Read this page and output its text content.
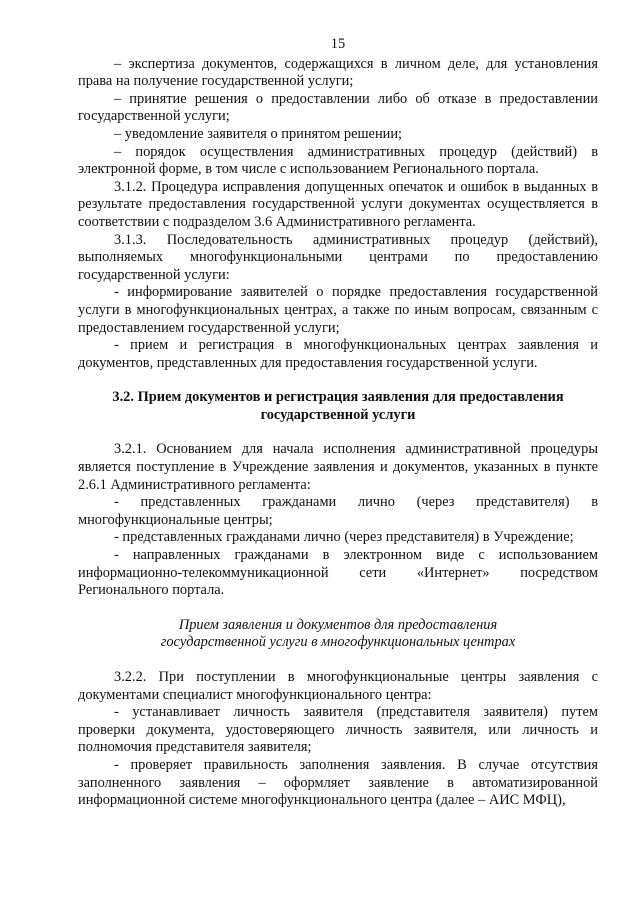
15

– экспертиза документов, содержащихся в личном деле, для установления права на получение государственной услуги;

– принятие решения о предоставлении либо об отказе в предоставлении государственной услуги;

– уведомление заявителя о принятом решении;

– порядок осуществления административных процедур (действий) в электронной форме, в том числе с использованием Регионального портала.

3.1.2. Процедура исправления допущенных опечаток и ошибок в выданных в результате предоставления государственной услуги документах осуществляется в соответствии с подразделом 3.6 Административного регламента.

3.1.3. Последовательность административных процедур (действий), выполняемых многофункциональными центрами по предоставлению государственной услуги:

- информирование заявителей о порядке предоставления государственной услуги в многофункциональных центрах, а также по иным вопросам, связанным с предоставлением государственной услуги;

- прием и регистрация в многофункциональных центрах заявления и документов, представленных для предоставления государственной услуги.

3.2. Прием документов и регистрация заявления для предоставления

государственной услуги

3.2.1. Основанием для начала исполнения административной процедуры является поступление в Учреждение заявления и документов, указанных в пункте 2.6.1 Административного регламента:

- представленных гражданами лично (через представителя) в многофункциональные центры;

- представленных гражданами лично (через представителя) в Учреждение;

- направленных гражданами в электронном виде с использованием информационно-телекоммуникационной сети «Интернет» посредством Регионального портала.

Прием заявления и документов для предоставления

государственной услуги в многофункциональных центрах

3.2.2. При поступлении в многофункциональные центры заявления с документами специалист многофункционального центра:

- устанавливает личность заявителя (представителя заявителя) путем проверки документа, удостоверяющего личность заявителя, или личность и полномочия представителя заявителя;

- проверяет правильность заполнения заявления. В случае отсутствия заполненного заявления – оформляет заявление в автоматизированной информационной системе многофункционального центра (далее – АИС МФЦ),
